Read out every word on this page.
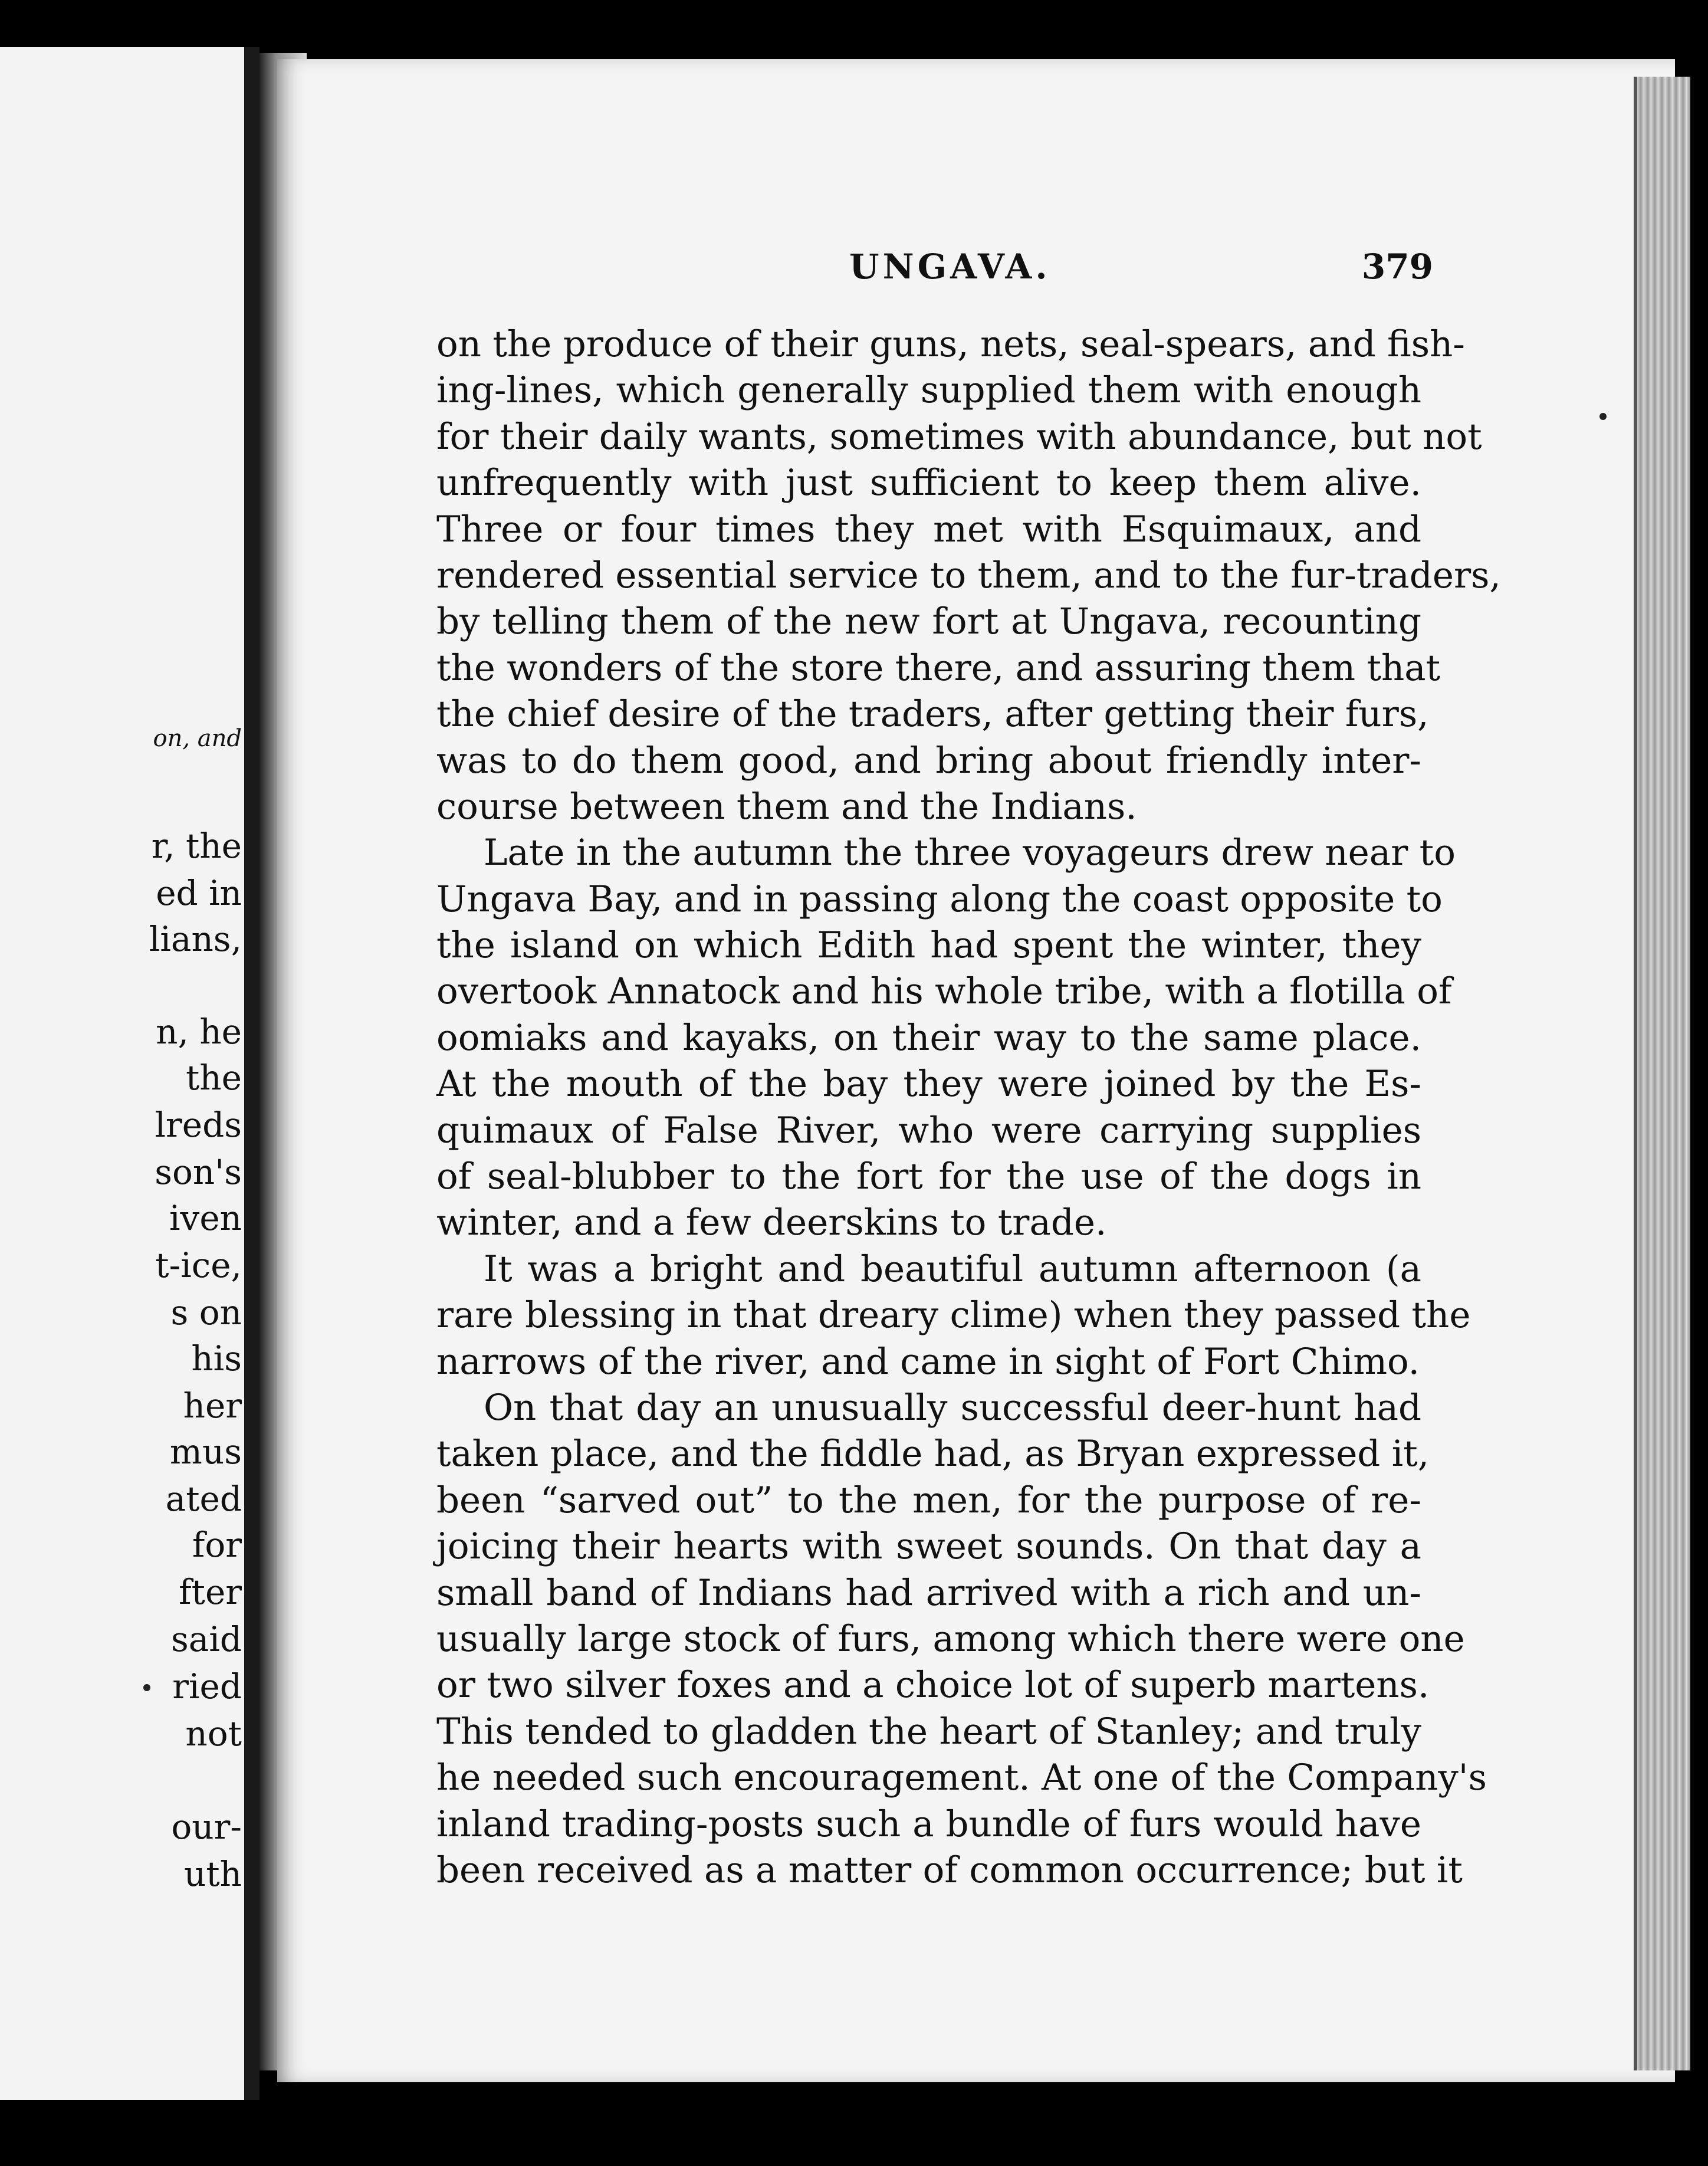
on, and
r, the
ed in
lians,
n, he
the
lreds
son's
iven
t-ice,
s on
his
her
mus
ated
for
fter
said
ried
not
our-
uth
UNGAVA.	379
on the produce of their guns, nets, seal-spears, and fish-
ing-lines, which generally supplied them with enough
for their daily wants, sometimes with abundance, but not
unfrequently with just sufficient to keep them alive.
Three or four times they met with Esquimaux, and
rendered essential service to them, and to the fur-traders,
by telling them of the new fort at Ungava, recounting
the wonders of the store there, and assuring them that
the chief desire of the traders, after getting their furs,
was to do them good, and bring about friendly inter-
course between them and the Indians.
Late in the autumn the three voyageurs drew near to
Ungava Bay, and in passing along the coast opposite to
the island on which Edith had spent the winter, they
overtook Annatock and his whole tribe, with a flotilla of
oomiaks and kayaks, on their way to the same place.
At the mouth of the bay they were joined by the Es-
quimaux of False River, who were carrying supplies
of seal-blubber to the fort for the use of the dogs in
winter, and a few deerskins to trade.
It was a bright and beautiful autumn afternoon (a
rare blessing in that dreary clime) when they passed the
narrows of the river, and came in sight of Fort Chimo.
On that day an unusually successful deer-hunt had
taken place, and the fiddle had, as Bryan expressed it,
been “sarved out” to the men, for the purpose of re-
joicing their hearts with sweet sounds. On that day a
small band of Indians had arrived with a rich and un-
usually large stock of furs, among which there were one
or two silver foxes and a choice lot of superb martens.
This tended to gladden the heart of Stanley; and truly
he needed such encouragement. At one of the Company's
inland trading-posts such a bundle of furs would have
been received as a matter of common occurrence; but it
